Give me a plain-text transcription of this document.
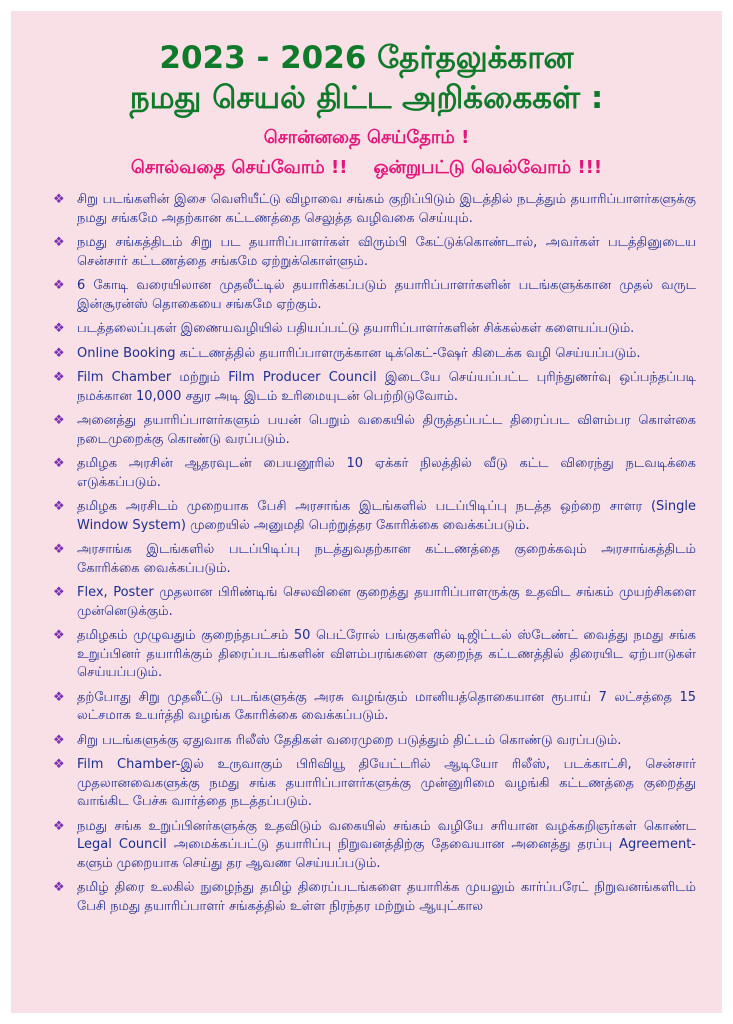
2023 - 2026 தேர்தலுக்கான
நமது செயல் திட்ட அறிக்கைகள் :
சொன்னதை செய்தோம் !
சொல்வதை செய்வோம் !! ஒன்றுபட்டு வெல்வோம் !!!
❖ சிறு படங்களின் இசை வெளியீட்டு விழாவை சங்கம் குறிப்பிடும் இடத்தில் நடத்தும் தயாரிப்பாளர்களுக்கு நமது சங்கமே அதற்கான கட்டணத்தை செலுத்த வழிவகை செய்யும்.
❖ நமது சங்கத்திடம் சிறு பட தயாரிப்பாளர்கள் விரும்பி கேட்டுக்கொண்டால், அவர்கள் படத்தினுடைய சென்சார் கட்டணத்தை சங்கமே ஏற்றுக்கொள்ளும்.
❖ 6 கோடி வரையிலான முதலீட்டில் தயாரிக்கப்படும் தயாரிப்பாளர்களின் படங்களுக்கான முதல் வருட இன்சூரன்ஸ் தொகையை சங்கமே ஏற்கும்.
❖ படத்தலைப்புகள் இணையவழியில் பதியப்பட்டு தயாரிப்பாளர்களின் சிக்கல்கள் களையப்படும்.
❖ Online Booking கட்டணத்தில் தயாரிப்பாளருக்கான டிக்கெட்-ஷேர் கிடைக்க வழி செய்யப்படும்.
❖ Film Chamber மற்றும் Film Producer Council இடையே செய்யப்பட்ட புரிந்துணர்வு ஒப்பந்தப்படி நமக்கான 10,000 சதுர அடி இடம் உரிமையுடன் பெற்றிடுவோம்.
❖ அனைத்து தயாரிப்பாளர்களும் பயன் பெறும் வகையில் திருத்தப்பட்ட திரைப்பட விளம்பர கொள்கை நடைமுறைக்கு கொண்டு வரப்படும்.
❖ தமிழக அரசின் ஆதரவுடன் பையனூரில் 10 ஏக்கர் நிலத்தில் வீடு கட்ட விரைந்து நடவடிக்கை எடுக்கப்படும்.
❖ தமிழக அரசிடம் முறையாக பேசி அரசாங்க இடங்களில் படப்பிடிப்பு நடத்த ஒற்றை சாளர (Single Window System) முறையில் அனுமதி பெற்றுத்தர கோரிக்கை வைக்கப்படும்.
❖ அரசாங்க இடங்களில் படப்பிடிப்பு நடத்துவதற்கான கட்டணத்தை குறைக்கவும் அரசாங்கத்திடம் கோரிக்கை வைக்கப்படும்.
❖ Flex, Poster முதலான பிரிண்டிங் செலவினை குறைத்து தயாரிப்பாளருக்கு உதவிட சங்கம் முயற்சிகளை முன்னெடுக்கும்.
❖ தமிழகம் முழுவதும் குறைந்தபட்சம் 50 பெட்ரோல் பங்குகளில் டிஜிட்டல் ஸ்டேண்ட் வைத்து நமது சங்க உறுப்பினர் தயாரிக்கும் திரைப்படங்களின் விளம்பரங்களை குறைந்த கட்டணத்தில் திரையிட ஏற்பாடுகள் செய்யப்படும்.
❖ தற்போது சிறு முதலீட்டு படங்களுக்கு அரசு வழங்கும் மானியத்தொகையான ரூபாய் 7 லட்சத்தை 15 லட்சமாக உயர்த்தி வழங்க கோரிக்கை வைக்கப்படும்.
❖ சிறு படங்களுக்கு ஏதுவாக ரிலீஸ் தேதிகள் வரைமுறை படுத்தும் திட்டம் கொண்டு வரப்படும்.
❖ Film Chamber-இல் உருவாகும் பிரிவியூ தியேட்டரில் ஆடியோ ரிலீஸ், படக்காட்சி, சென்சார் முதலானவைகளுக்கு நமது சங்க தயாரிப்பாளர்களுக்கு முன்னுரிமை வழங்கி கட்டணத்தை குறைத்து வாங்கிட பேச்சு வார்த்தை நடத்தப்படும்.
❖ நமது சங்க உறுப்பினர்களுக்கு உதவிடும் வகையில் சங்கம் வழியே சரியான வழக்கறிஞர்கள் கொண்ட Legal Council அமைக்கப்பட்டு தயாரிப்பு நிறுவனத்திற்கு தேவையான அனைத்து தரப்பு Agreement-களும் முறையாக செய்து தர ஆவண செய்யப்படும்.
❖ தமிழ் திரை உலகில் நுழைந்து தமிழ் திரைப்படங்களை தயாரிக்க முயலும் கார்ப்பரேட் நிறுவனங்களிடம் பேசி நமது தயாரிப்பாளர் சங்கத்தில் உள்ள நிரந்தர மற்றும் ஆயுட்கால
